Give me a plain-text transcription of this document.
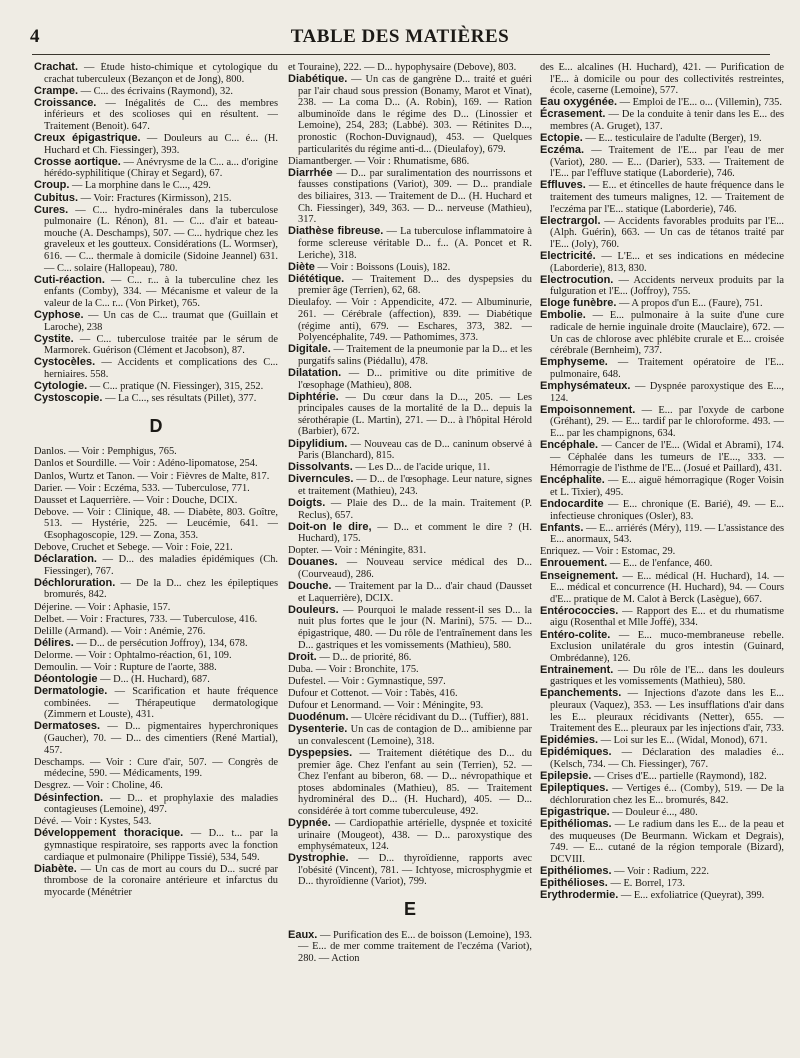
4	TABLE DES MATIÈRES
Crachat. — Étude histo-chimique et cytologique du crachat tuberculeux (Bezançon et de Jong), 800.
Crampe. — C... des écrivains (Raymond), 32.
Croissance. — Inégalités de C... des membres inférieurs et des scolioses qui en résultent. — Traitement (Benoit). 647.
Creux épigastrique. — Douleurs au C... é... (H. Huchard et Ch. Fiessinger), 393.
Crosse aortique. — Anévrysme de la C... a... d'origine hérédo-syphilitique (Chiray et Segard), 67.
Croup. — La morphine dans le C..., 429.
Cubitus. — Voir: Fractures (Kirmisson), 215.
Cures. — C... hydro-minérales dans la tuberculose pulmonaire (L. Rénon), 81. — C... d'air et bateau-mouche (A. Deschamps), 507. — C... hydrique chez les graveleux et les goutteux. Considérations (L. Wormser), 616. — C... thermale à domicile (Sidoine Jeannel) 631. — C... solaire (Hallopeau), 780.
Cuti-réaction. — C... r... à la tuberculine chez les enfants (Comby), 334. — Mécanisme et valeur de la valeur de la C... r... (Von Pirket), 765.
Cyphose. — Un cas de C... traumat que (Guillain et Laroche), 238
Cystite. — C... tuberculose traitée par le sérum de Marmorek. Guérison (Clément et Jacobson), 87.
Cystocèles. — Accidents et complications des C... herniaires. 558.
Cytologie. — C... pratique (N. Fiessinger), 315, 252.
Cystoscopie. — La C..., ses résultats (Pillet), 377.
D
Danlos. — Voir : Pemphigus, 765.
Danlos et Sourdille. — Voir : Adéno-lipomatose, 254.
Danlos, Wurtz et Tanon. — Voir : Fièvres de Malte, 817.
Darier. — Voir : Eczéma, 533. — Tuberculose, 771.
Dausset et Laquerrière. — Voir : Douche, DCIX.
Debove. — Voir : Clinique, 48. — Diabète, 803. Goître, 513. — Hystérie, 225. — Leucémie, 641. — Œsophagoscopie, 129. — Zona, 353.
Debove, Cruchet et Sebege. — Voir : Foie, 221.
Déclaration. — D... des maladies épidémiques (Ch. Fiessinger), 767.
Déchloruration. — De la D... chez les épileptiques bromurés, 842.
Déjerine. — Voir : Aphasie, 157.
Delbet. — Voir : Fractures, 733. — Tuberculose, 416.
Delille (Armand). — Voir : Anémie, 276.
Délires. — D... de persécution Joffroy), 134, 678.
Delorme. — Voir : Ophtalmo-réaction, 61, 109.
Demoulin. — Voir : Rupture de l'aorte, 388.
Déontologie — D... (H. Huchard), 687.
Dermatologie. — Scarification et haute fréquence combinées. — Thérapeutique dermatologique (Zimmern et Louste), 431.
Dermatoses. — D... pigmentaires hyperchroniques (Gaucher), 70. — D... des cimentiers (René Martial), 457.
Deschamps. — Voir : Cure d'air, 507. — Congrès de médecine, 590. — Médicaments, 199.
Desgrez. — Voir : Choline, 46.
Désinfection. — D... et prophylaxie des maladies contagieuses (Lemoine), 497.
Dévé. — Voir : Kystes, 543.
Développement thoracique. — D... t... par la gymnastique respiratoire, ses rapports avec la fonction cardiaque et pulmonaire (Philippe Tissié), 534, 549.
Diabète. — Un cas de mort au cours du D... sucré par thrombose de la coronaire antérieure et infarctus du myocarde (Ménétrier
et Touraine), 222. — D... hypophysaire (Debove), 803.
Diabétique. — Un cas de gangrène D... traité et guéri par l'air chaud sous pression (Bonamy, Marot et Vinat), 238. — La coma D... (A. Robin), 169. — Ration albuminoïde dans le régime des D... (Linossier et Lemoine), 254, 283; (Labbé). 303. — Rétinites D..., pronostic (Rochon-Duvignaud), 453. — Quelques particularités du régime anti-d... (Dieulafoy), 679.
Diamantberger. — Voir : Rhumatisme, 686.
Diarrhée — D... par suralimentation des nourrissons et fausses constipations (Variot), 309. — D... prandiale des biliaires, 313. — Traitement de D... (H. Huchard et Ch. Fiessinger), 349, 363. — D... nerveuse (Mathieu), 317.
Diathèse fibreuse. — La tuberculose inflammatoire à forme sclereuse véritable D... f... (A. Poncet et R. Leriche), 318.
Diète — Voir : Boissons (Louis), 182.
Diététique. — Traitement D... des dyspepsies du premier âge (Terrien), 62, 68.
Dieulafoy. — Voir : Appendicite, 472. — Albuminurie, 261. — Cérébrale (affection), 839. — Diabétique (régime anti), 679. — Eschares, 373, 382. — Polyencéphalite, 749. — Pathomimes, 373.
Digitale. — Traitement de la pneumonie par la D... et les purgatifs salins (Piédallu), 478.
Dilatation. — D... primitive ou dite primitive de l'œsophage (Mathieu), 808.
Diphtérie. — Du cœur dans la D..., 205. — Les principales causes de la mortalité de la D... depuis la sérothérapie (L. Martin), 271. — D... à l'hôpital Hérold (Barbier), 672.
Dipylidium. — Nouveau cas de D... caninum observé à Paris (Blanchard), 815.
Dissolvants. — Les D... de l'acide urique, 11.
Diverncules. — D... de l'œsophage. Leur nature, signes et traitement (Mathieu), 243.
Doigts. — Plaie des D... de la main. Traitement (P. Reclus), 657.
Doit-on le dire, — D... et comment le dire ? (H. Huchard), 175.
Dopter. — Voir : Méningite, 831.
Douanes. — Nouveau service médical des D... (Courveaud), 286.
Douche. — Traitement par la D... d'air chaud (Dausset et Laquerrière), DCIX.
Douleurs. — Pourquoi le malade ressent-il ses D... la nuit plus fortes que le jour (N. Marini), 575. — D... épigastrique, 480. — Du rôle de l'entraînement dans les D... gastriques et les vomissements (Mathieu), 580.
Droit. — D... de priorité, 86.
Duba. — Voir : Bronchite, 175.
Dufestel. — Voir : Gymnastique, 597.
Dufour et Cottenot. — Voir : Tabès, 416.
Dufour et Lenormand. — Voir : Méningite, 93.
Duodénum. — Ulcère récidivant du D... (Tuffier), 881.
Dysenterie. Un cas de contagion de D... amibienne par un convalescent (Lemoine), 318.
Dyspepsies. — Traitement diététique des D... du premier âge. Chez l'enfant au sein (Terrien), 52. — Chez l'enfant au biberon, 68. — D... névropathique et ptoses abdominales (Mathieu), 85. — Traitement hydrominéral des D... (H. Huchard), 405. — D... considérée à tort comme tuberculeuse, 492.
Dypnée. — Cardiopathie artérielle, dyspnée et toxicité urinaire (Mougeot), 438. — D... paroxystique des emphysémateux, 124.
Dystrophie. — D... thyroïdienne, rapports avec l'obésité (Vincent), 781. — Ichtyose, microsphygmie et D... thyroïdienne (Variot), 799.
E
Eaux. — Purification des E... de boisson (Lemoine), 193. — E... de mer comme traitement de l'eczéma (Variot), 280. — Action
des E... alcalines (H. Huchard), 421. — Purification de l'E... à domicile ou pour des collectivités restreintes, école, caserne (Lemoine), 577.
Eau oxygénée. — Emploi de l'E... o... (Villemin), 735.
Écrasement. — De la conduite à tenir dans les E... des membres (A. Gruget), 137.
Ectopie. — E... testiculaire de l'adulte (Berger), 19.
Eczéma. — Traitement de l'E... par l'eau de mer (Variot), 280. — E... (Darier), 533. — Traitement de l'E... par l'effluve statique (Laborderie), 746.
Effluves. — E... et étincelles de haute fréquence dans le traitement des tumeurs malignes, 12. — Traitement de l'eczéma par l'E... statique (Laborderie), 746.
Electrargol. — Accidents favorables produits par l'E... (Alph. Guérin), 663. — Un cas de tétanos traité par l'E... (Joly), 760.
Electricité. — L'E... et ses indications en médecine (Laborderie), 813, 830.
Electrocution. — Accidents nerveux produits par la fulguration et l'E... (Joffroy), 755.
Eloge funèbre. — A propos d'un E... (Faure), 751.
Embolie. — E... pulmonaire à la suite d'une cure radicale de hernie inguinale droite (Mauclaire), 672. — Un cas de chlorose avec phlébite crurale et E... croisée cérébrale (Bernheim), 737.
Emphyseme. — Traitement opératoire de l'E... pulmonaire, 648.
Emphysémateux. — Dyspnée paroxystique des E..., 124.
Empoisonnement. — E... par l'oxyde de carbone (Gréhant), 29. — E... tardif par le chloroforme. 493. — E... par les champignons, 634.
Encéphale. — Cancer de l'E... (Widal et Abrami), 174. — Céphalée dans les tumeurs de l'E..., 333. — Hémorragie de l'isthme de l'E... (Josué et Paillard), 431.
Encéphalite. — E... aiguë hémorragique (Roger Voisin et L. Tixier), 495.
Endocardite — E... chronique (E. Barié), 49. — E... infectieuse chroniques (Osler), 83.
Enfants. — E... arriérés (Méry), 119. — L'assistance des E... anormaux, 543.
Enriquez. — Voir : Estomac, 29.
Enrouement. — E... de l'enfance, 460.
Enseignement. — E... médical (H. Huchard), 14. — E... médical et concurrence (H. Huchard), 94. — Cours d'E... pratique de M. Calot à Berck (Lasègue), 667.
Entérococcies. — Rapport des E... et du rhumatisme aigu (Rosenthal et Mlle Joffé), 334.
Entéro-colite. — E... muco-membraneuse rebelle. Exclusion unilatérale du gros intestin (Guinard, Ombrédanne), 126.
Entrainement. — Du rôle de l'E... dans les douleurs gastriques et les vomissements (Mathieu), 580.
Epanchements. — Injections d'azote dans les E... pleuraux (Vaquez), 353. — Les insufflations d'air dans les E... pleuraux récidivants (Netter), 655. — Traitement des E... pleuraux par les injections d'air, 733.
Epidémies. — Loi sur les E... (Widal, Monod), 671.
Epidémiques. — Déclaration des maladies é... (Kelsch, 734. — Ch. Fiessinger), 767.
Epilepsie. — Crises d'E... partielle (Raymond), 182.
Epileptiques. — Vertiges é... (Comby), 519. — De la déchloruration chez les E... bromurés, 842.
Epigastrique. — Douleur é..., 480.
Epithéliomas. — Le radium dans les E... de la peau et des muqueuses (De Beurmann. Wickam et Degrais), 749. — E... cutané de la région temporale (Bizard), DCVIII.
Epithéliomes. — Voir : Radium, 222.
Epithélioses. — E. Borrel, 173.
Erythrodermie. — E... exfoliatrice (Queyrat), 399.
